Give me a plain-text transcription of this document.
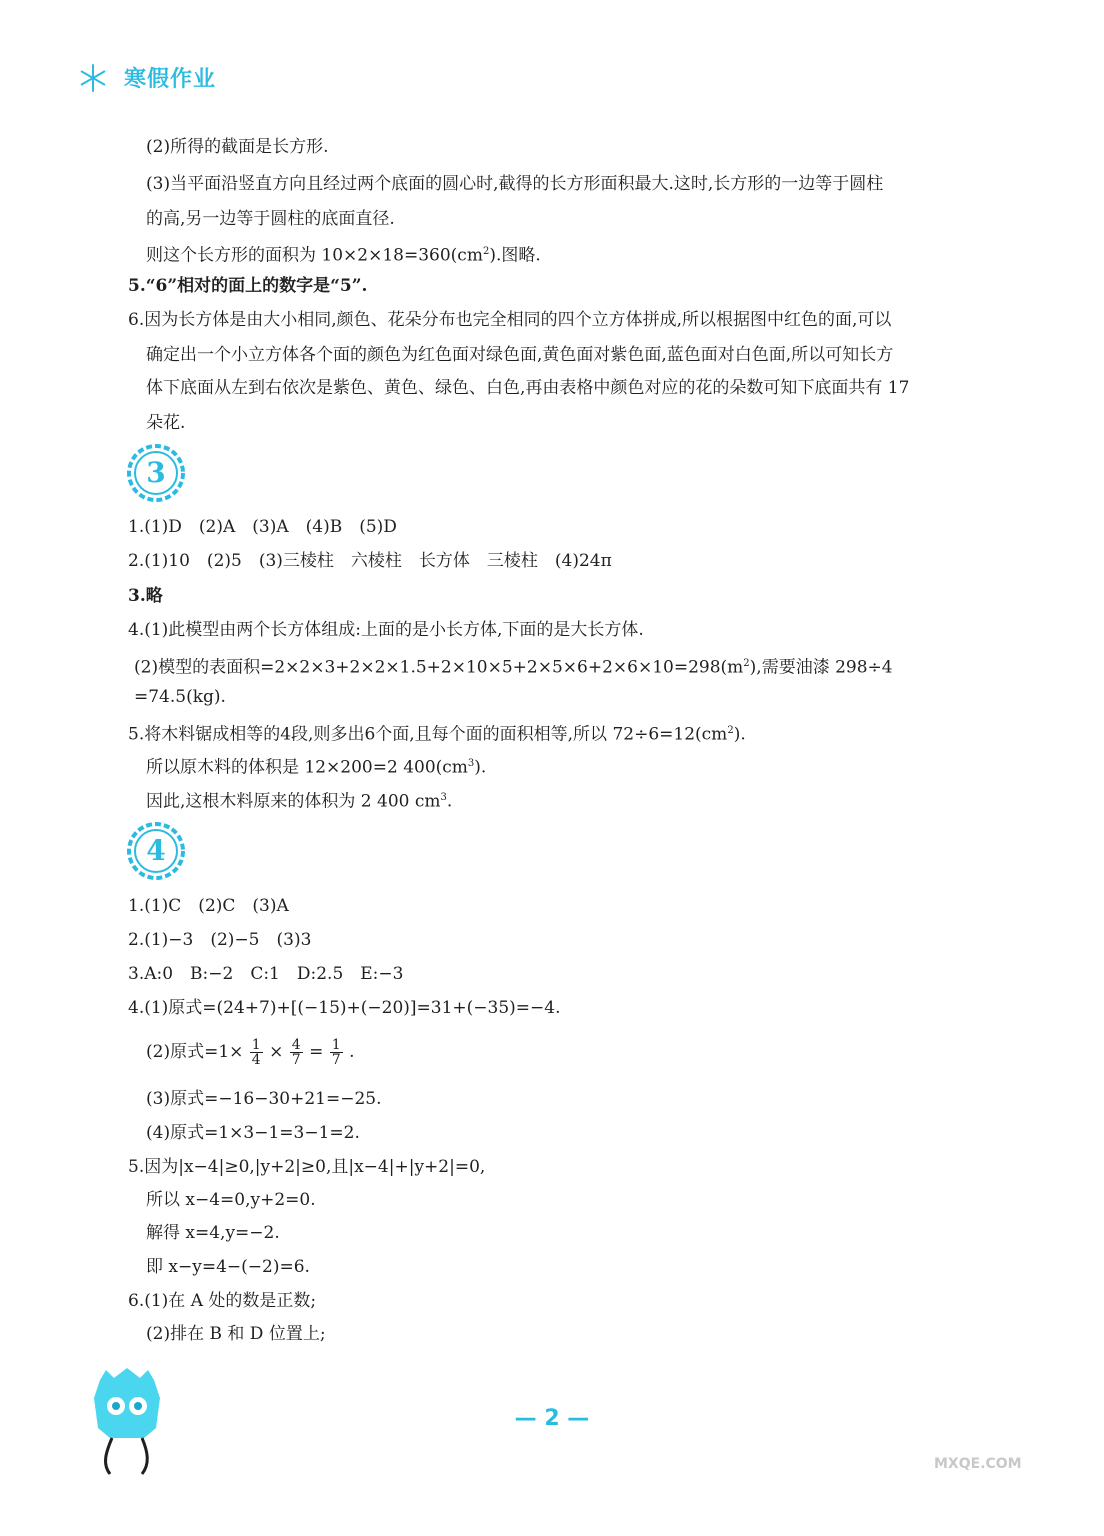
寒假作业
(2)所得的截面是长方形.
(3)当平面沿竖直方向且经过两个底面的圆心时,截得的长方形面积最大.这时,长方形的一边等于圆柱
的高,另一边等于圆柱的底面直径.
则这个长方形的面积为 $10\times 2\times 18=360(cm^2)$.图略.
5.“6”相对的面上的数字是“5”.
6.因为长方体是由大小相同,颜色、花朵分布也完全相同的四个立方体拼成,所以根据图中红色的面,可以
确定出一个小立方体各个面的颜色为红色面对绿色面,黄色面对紫色面,蓝色面对白色面,所以可知长方
体下底面从左到右依次是紫色、黄色、绿色、白色,再由表格中颜色对应的花的朵数可知下底面共有 17
朵花.
3
1.(1)D　(2)A　(3)A　(4)B　(5)D
2.(1)10　(2)5　(3)三棱柱　六棱柱　长方体　三棱柱　(4)24π
3.略
4.(1)此模型由两个长方体组成:上面的是小长方体,下面的是大长方体.
(2)模型的表面积$=2\times 2\times 3+2\times 2\times 1.5+2\times 10\times 5+2\times 5\times 6+2\times 6\times 10=298(m^2)$,需要油漆 298÷4
=74.5(kg).
5.将木料锯成相等的4段,则多出6个面,且每个面的面积相等,所以 $72\div 6=12(cm^2)$.
所以原木料的体积是 12×200=2 $400(cm^3)$.
因此,这根木料原来的体积为 2 400 $cm^3$.
4
1.(1)C　(2)C　(3)A
2.(1)−3　(2)−5　(3)3
3.A:0　B:−2　C:1　D:2.5　E:−3
4.(1)原式=(24+7)+[(−15)+(−20)]=31+(−35)=−4.
(2)原式$=1\times \frac{1}{4} \times \frac{4}{7} = \frac{1}{7}$ .
(3)原式=−16−30+21=−25.
(4)原式=1×3−1=3−1=2.
5.因为|x−4|≥0,|y+2|≥0,且|x−4|+|y+2|=0,
所以 x−4=0,y+2=0.
解得 x=4,y=−2.
即 x−y=4−(−2)=6.
6.(1)在 A 处的数是正数;
(2)排在 B 和 D 位置上;
— 2 —
MXQE.COM
